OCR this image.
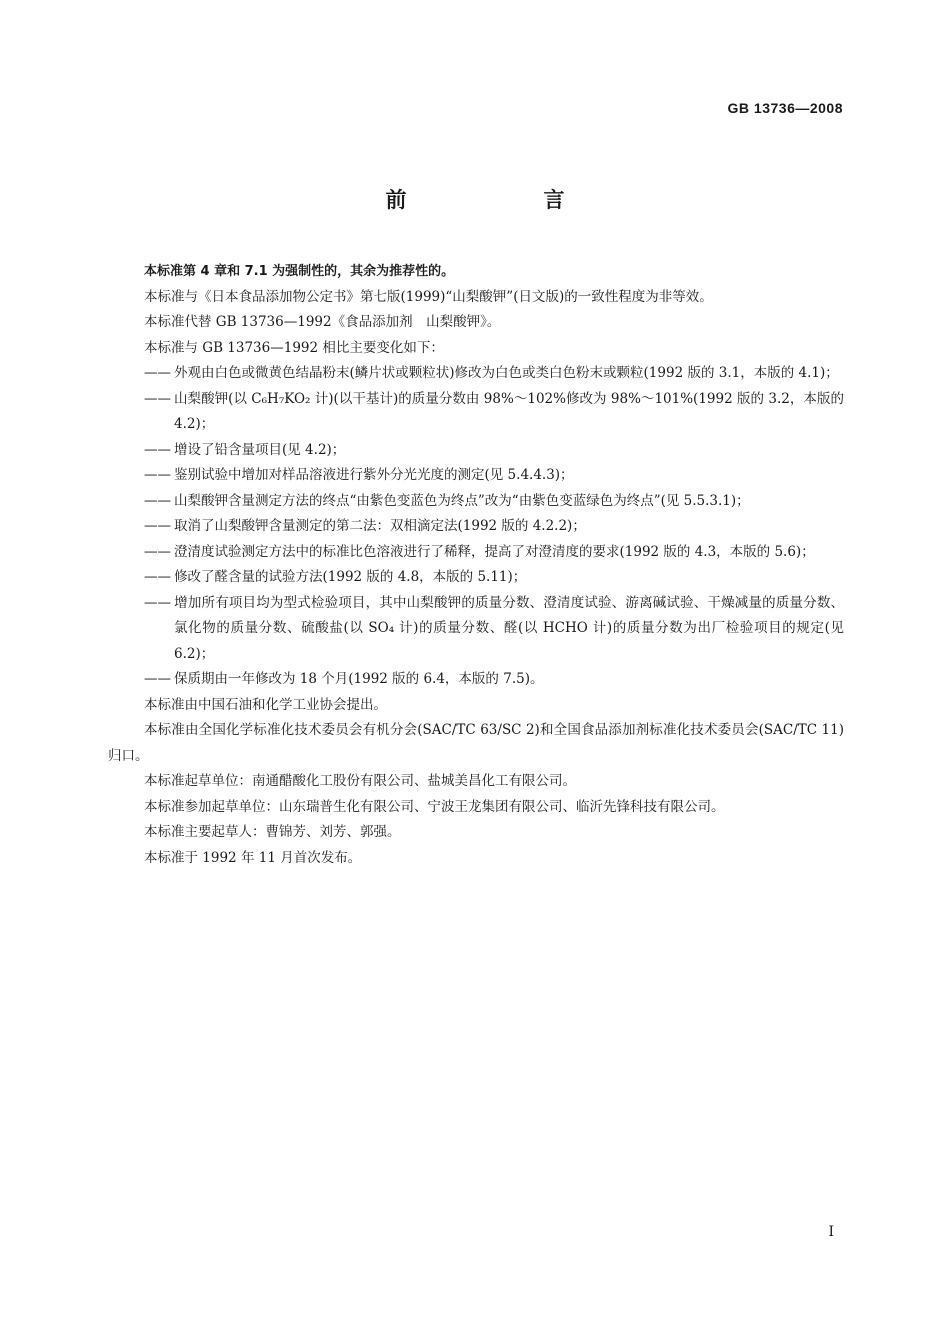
GB 13736—2008
前　言

本标准第 4 章和 7.1 为强制性的，其余为推荐性的。

本标准与《日本食品添加物公定书》第七版(1999)“山梨酸钾”(日文版)的一致性程度为非等效。

本标准代替 GB 13736—1992《食品添加剂　山梨酸钾》。

本标准与 GB 13736—1992 相比主要变化如下：

—— 外观由白色或微黄色结晶粉末(鳞片状或颗粒状)修改为白色或类白色粉末或颗粒(1992 版的 3.1，本版的 4.1)；

—— 山梨酸钾(以 C₆H₇KO₂ 计)(以干基计)的质量分数由 98%～102%修改为 98%～101%(1992 版的 3.2，本版的 4.2)；

—— 增设了铅含量项目(见 4.2)；

—— 鉴别试验中增加对样品溶液进行紫外分光光度的测定(见 5.4.4.3)；

—— 山梨酸钾含量测定方法的终点“由紫色变蓝色为终点”改为“由紫色变蓝绿色为终点”(见 5.5.3.1)；

—— 取消了山梨酸钾含量测定的第二法：双相滴定法(1992 版的 4.2.2)；

—— 澄清度试验测定方法中的标准比色溶液进行了稀释，提高了对澄清度的要求(1992 版的 4.3，本版的 5.6)；

—— 修改了醛含量的试验方法(1992 版的 4.8，本版的 5.11)；

—— 增加所有项目均为型式检验项目，其中山梨酸钾的质量分数、澄清度试验、游离碱试验、干燥减量的质量分数、氯化物的质量分数、硫酸盐(以 SO₄ 计)的质量分数、醛(以 HCHO 计)的质量分数为出厂检验项目的规定(见 6.2)；

—— 保质期由一年修改为 18 个月(1992 版的 6.4，本版的 7.5)。

本标准由中国石油和化学工业协会提出。

本标准由全国化学标准化技术委员会有机分会(SAC/TC 63/SC 2)和全国食品添加剂标准化技术委员会(SAC/TC 11)归口。

本标准起草单位：南通醋酸化工股份有限公司、盐城美昌化工有限公司。

本标准参加起草单位：山东瑞普生化有限公司、宁波王龙集团有限公司、临沂先锋科技有限公司。

本标准主要起草人：曹锦芳、刘芳、郭强。

本标准于 1992 年 11 月首次发布。

I
